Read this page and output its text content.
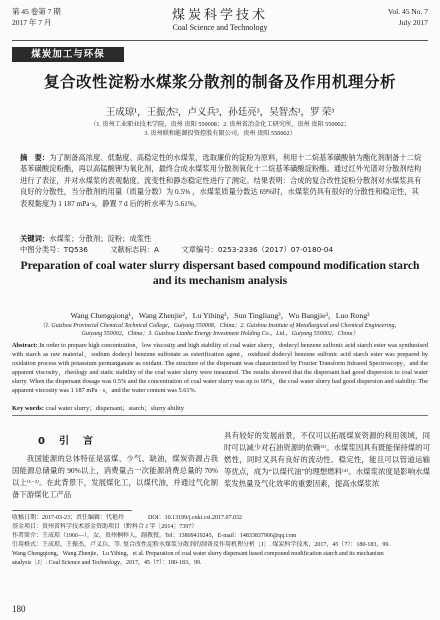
第 45 卷第 7 期
2017 年 7 月	煤炭科学技术
Coal Science and Technology
Vol. 45 No. 7
July 2017
煤炭加工与环保
复合改性淀粉水煤浆分散剂的制备及作用机理分析
王成琼¹，王振杰²，卢义兵³，孙廷亮³，吴智杰³，罗 荣³
（1. 贵州工业职业技术学院，贵州 贵阳 550008；2. 贵州省冶金化工研究所，贵州 贵阳 550002；
3. 贵州联和能源投资控股有限公司，贵州 贵阳 550002）
摘　要：为了制备高浓度、低黏度、高稳定性的水煤浆，选取廉价的淀粉为原料，利用十二烷基苯磺酸钠为酯化剂制备十二烷基苯磺酸淀粉酯，再以高锰酸钾为氧化剂，最终合成水煤浆用分散剂氧化十二烷基苯磺酸淀粉酯。通过红外光谱对分散剂结构进行了表征，并对水煤浆的表观黏度、流变性和静态稳定性进行了测定。结果表明：合成的复合改性淀粉分散剂对水煤浆具有良好的分散性，当分散剂的用量（质量分数）为 0.5% ，水煤浆质量分数达 69%时，水煤浆仍具有很好的分散性和稳定性，其表观黏度为 1 187 mPa·s，静置 7 d 后的析水率为 5.61%。
关键词：水煤浆；分散剂；淀粉；成浆性
中图分类号：TQ536	文献标志码：A	文章编号：0253-2336（2017）07-0180-04
Preparation of coal water slurry dispersant based compound modification starch and its mechanism analysis
Wang Chengqiong¹，Wang Zhenjie²，Lu Yibing³，Sun Tingliang³，Wu Bangjie³，Luo Rong³
（1. Guizhou Provincial Chemical Technical College，Guiyang 550008，China；2. Guizhou Institute of Metallurgical and Chemical Engineering，
Guiyang 550002，China；3. Guizhou Lianhe Energy Investment Holding Co.，Ltd.，Guiyang 550002，China）
Abstract: In order to prepare high concentration，low viscosity and high stability of coal water slurry，dodecyl benzene sulfonic acid starch ester was synthesised with starch as raw material，sodium dodecyl benzene sulfonate as esterification agent，oxidized dodecyl benzene sulfonic acid starch ester was prepared by oxidation process with potassium permanganate as oxidant. The structure of the dispersant was characterized by Fourier Transform Infrared Spectroscopy，and the apparent viscosity，rheology and static stability of the coal water slurry were measured. The results showed that the dispersant had good dispersion to coal water slurry. When the dispersant dosage was 0.5% and the concentration of coal water slurry was up to 69%，the coal water slurry had good dispersion and stability. The apparent viscosity was 1 187 mPa · s，and the water content was 5.61%.
Key words: coal water slurry；dispersant；starch；slurry ability
0引言

我国能源的总体特征是富煤、少气、缺油，煤炭资源占我国能源总储量的 90%以上，消费量占一次能源消费总量的 70%以上⁽¹⁻²⁾。在此背景下，发展煤化工，以煤代油，并通过气化制备下游煤化工产品

具有较好的发展前景，不仅可以拓展煤炭资源的利用领域，同时可以减少对石油资源的依赖⁽³⁾。水煤浆因具有既能保持煤的可燃性，同时又具有良好的流动性、稳定性，能且可以管道运输等优点，成为“以煤代油”的理想燃料⁽⁴⁾。水煤浆浓度是影响水煤浆发热量及气化效率的重要因素，提高水煤浆浓

收稿日期：2017-03-23；责任编辑：代艳玲　　　　DOI：10.13199/j.cnki.cst.2017.07.032
基金项目：贵州省科学技术基金资助项目（黔科合 J 字［2014］7397）
作者简介：王成琼（1966—），女，贵州桐梓人，副教授。Tel：13809419245，E-mail：14833837906@qq.com
引用格式：王成琼，王振杰，卢义兵，等. 复合改性淀粉水煤浆分散剂的制备及作用机理分析［J］. 煤炭科学技术，2017，45（7）：180-183，99.
Wang Chengqiong，Wang Zhenjie，Lu Yibing，et al. Preparation of coal water slurry dispersant based compound modification starch and its mechanism
analysis［J］. Coal Science and Technology，2017，45（7）：180-183，99.
180
